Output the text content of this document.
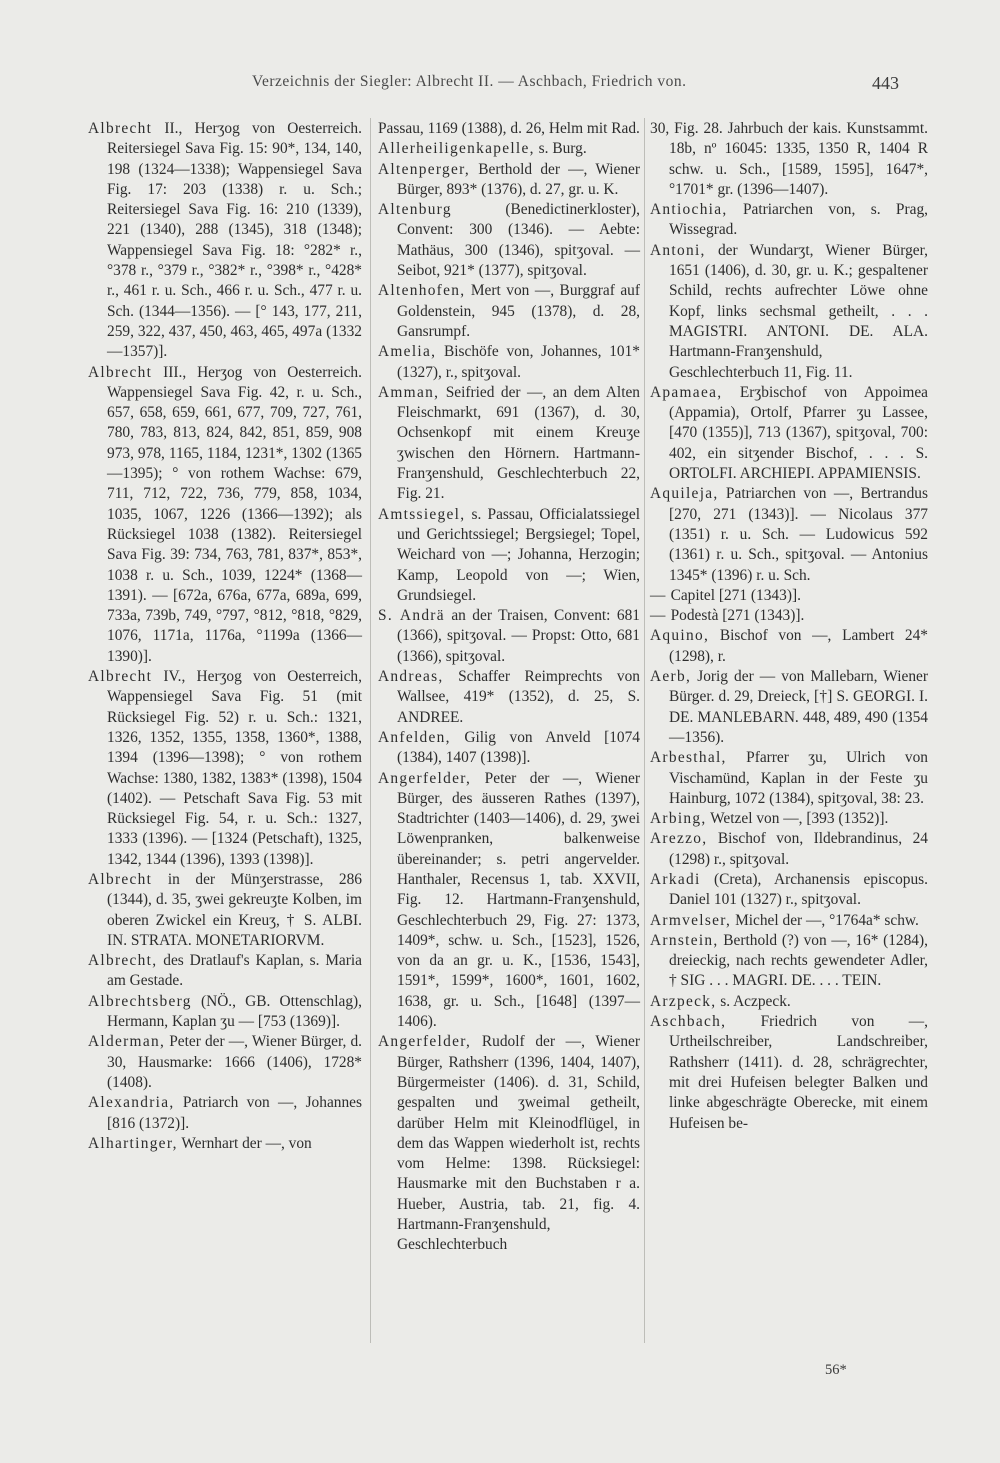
Verzeichnis der Siegler: Albrecht II. — Aschbach, Friedrich von.	443

Albrecht II., Herʒog von Oesterreich. Reitersiegel Sava Fig. 15: 90*, 134, 140, 198 (1324—1338); Wappensiegel Sava Fig. 17: 203 (1338) r. u. Sch.; Reitersiegel Sava Fig. 16: 210 (1339), 221 (1340), 288 (1345), 318 (1348); Wappensiegel Sava Fig. 18: °282* r., °378 r., °379 r., °382* r., °398* r., °428* r., 461 r. u. Sch., 466 r. u. Sch., 477 r. u. Sch. (1344—1356). — [° 143, 177, 211, 259, 322, 437, 450, 463, 465, 497a (1332—1357)].

Albrecht III., Herʒog von Oesterreich. Wappensiegel Sava Fig. 42, r. u. Sch., 657, 658, 659, 661, 677, 709, 727, 761, 780, 783, 813, 824, 842, 851, 859, 908 973, 978, 1165, 1184, 1231*, 1302 (1365—1395); ° von rothem Wachse: 679, 711, 712, 722, 736, 779, 858, 1034, 1035, 1067, 1226 (1366—1392); als Rücksiegel 1038 (1382). Reitersiegel Sava Fig. 39: 734, 763, 781, 837*, 853*, 1038 r. u. Sch., 1039, 1224* (1368—1391). — [672a, 676a, 677a, 689a, 699, 733a, 739b, 749, °797, °812, °818, °829, 1076, 1171a, 1176a, °1199a (1366—1390)].

Albrecht IV., Herʒog von Oesterreich, Wappensiegel Sava Fig. 51 (mit Rücksiegel Fig. 52) r. u. Sch.: 1321, 1326, 1352, 1355, 1358, 1360*, 1388, 1394 (1396—1398); ° von rothem Wachse: 1380, 1382, 1383* (1398), 1504 (1402). — Petschaft Sava Fig. 53 mit Rücksiegel Fig. 54, r. u. Sch.: 1327, 1333 (1396). — [1324 (Petschaft), 1325, 1342, 1344 (1396), 1393 (1398)].

Albrecht in der Münʒerstrasse, 286 (1344), d. 35, ʒwei gekreuʒte Kolben, im oberen Zwickel ein Kreuʒ, † S. ALBI. IN. STRATA. MONETARIORVM.

Albrecht, des Dratlauf's Kaplan, s. Maria am Gestade.

Albrechtsberg (NÖ., GB. Ottenschlag), Hermann, Kaplan ʒu — [753 (1369)].

Alderman, Peter der —, Wiener Bürger, d. 30, Hausmarke: 1666 (1406), 1728* (1408).

Alexandria, Patriarch von —, Johannes [816 (1372)].

Alhartinger, Wernhart der —, von

Passau, 1169 (1388), d. 26, Helm mit Rad.

Allerheiligenkapelle, s. Burg.

Altenperger, Berthold der —, Wiener Bürger, 893* (1376), d. 27, gr. u. K.

Altenburg	(Benedictinerkloster), Convent: 300 (1346). — Aebte: Mathäus, 300 (1346), spitʒoval. — Seibot, 921* (1377), spitʒoval.

Altenhofen, Mert von —, Burggraf auf Goldenstein, 945 (1378), d. 28, Gansrumpf.

Amelia, Bischöfe von, Johannes, 101* (1327), r., spitʒoval.

Amman, Seifried der —, an dem Alten Fleischmarkt, 691 (1367), d. 30, Ochsenkopf mit einem Kreuʒe ʒwischen den Hörnern. Hartmann-Franʒenshuld, Geschlechterbuch 22, Fig. 21.

Amtssiegel, s. Passau, Officialatssiegel und Gerichtssiegel; Bergsiegel; Topel, Weichard von —; Johanna, Herzogin; Kamp, Leopold von —; Wien, Grundsiegel.

S. Andrä an der Traisen, Convent: 681 (1366), spitʒoval. — Propst: Otto, 681 (1366), spitʒoval.

Andreas, Schaffer Reimprechts von Wallsee, 419* (1352), d. 25, S. ANDREE.

Anfelden, Gilig von Anveld [1074 (1384), 1407 (1398)].

Angerfelder, Peter der —, Wiener Bürger, des äusseren Rathes (1397), Stadtrichter (1403—1406), d. 29, ʒwei Löwenpranken, balkenweise übereinander; s. petri angervelder. Hanthaler, Recensus 1, tab. XXVII, Fig. 12. Hartmann-Franʒenshuld, Geschlechterbuch 29, Fig. 27: 1373, 1409*, schw. u. Sch., [1523], 1526, von da an gr. u. K., [1536, 1543], 1591*, 1599*, 1600*, 1601, 1602, 1638, gr. u. Sch., [1648] (1397—1406).

Angerfelder, Rudolf der —, Wiener Bürger, Rathsherr (1396, 1404, 1407), Bürgermeister (1406). d. 31, Schild, gespalten und ʒweimal getheilt, darüber Helm mit Kleinodflügel, in dem das Wappen wiederholt ist, rechts vom Helme: 1398. Rücksiegel: Hausmarke mit den Buchstaben r a. Hueber, Austria, tab. 21, fig. 4. Hartmann-Franʒenshuld, Geschlechterbuch

30, Fig. 28. Jahrbuch der kais. Kunstsammt. 18b, nº 16045: 1335, 1350 R, 1404 R schw. u. Sch., [1589, 1595], 1647*, °1701* gr. (1396—1407).

Antiochia, Patriarchen von, s. Prag, Wissegrad.

Antoni, der Wundarʒt, Wiener Bürger, 1651 (1406), d. 30, gr. u. K.; gespaltener Schild, rechts aufrechter Löwe ohne Kopf, links sechsmal getheilt, . . . MAGISTRI. ANTONI. DE. ALA. Hartmann-Franʒenshuld, Geschlechterbuch 11, Fig. 11.

Apamaea, Erʒbischof von Appoimea (Appamia), Ortolf, Pfarrer ʒu Lassee, [470 (1355)], 713 (1367), spitʒoval, 700: 402, ein sitʒender Bischof, . . . S. ORTOLFI. ARCHIEPI. APPAMIENSIS.

Aquileja, Patriarchen von —, Bertrandus [270, 271 (1343)]. — Nicolaus 377 (1351) r. u. Sch. — Ludowicus 592 (1361) r. u. Sch., spitʒoval. — Antonius 1345* (1396) r. u. Sch.

— Capitel [271 (1343)].

— Podestà [271 (1343)].

Aquino, Bischof von —, Lambert 24* (1298), r.

Aerb, Jorig der — von Mallebarn, Wiener Bürger. d. 29, Dreieck, [†] S. GEORGI. I. DE. MANLEBARN. 448, 489, 490 (1354—1356).

Arbesthal, Pfarrer ʒu, Ulrich von Vischamünd, Kaplan in der Feste ʒu Hainburg, 1072 (1384), spitʒoval, 38: 23.

Arbing, Wetzel von —, [393 (1352)].

Arezzo, Bischof von, Ildebrandinus, 24 (1298) r., spitʒoval.

Arkadi (Creta), Archanensis episcopus. Daniel 101 (1327) r., spitʒoval.

Armvelser, Michel der —, °1764a* schw.

Arnstein, Berthold (?) von —, 16* (1284), dreieckig, nach rechts gewendeter Adler, † SIG . . . MAGRI. DE. . . . TEIN.

Arzpeck, s. Aczpeck.

Aschbach, Friedrich von —, Urtheilschreiber, Landschreiber, Rathsherr (1411). d. 28, schrägrechter, mit drei Hufeisen belegter Balken und linke abgeschrägte Oberecke, mit einem Hufeisen be-

56*
